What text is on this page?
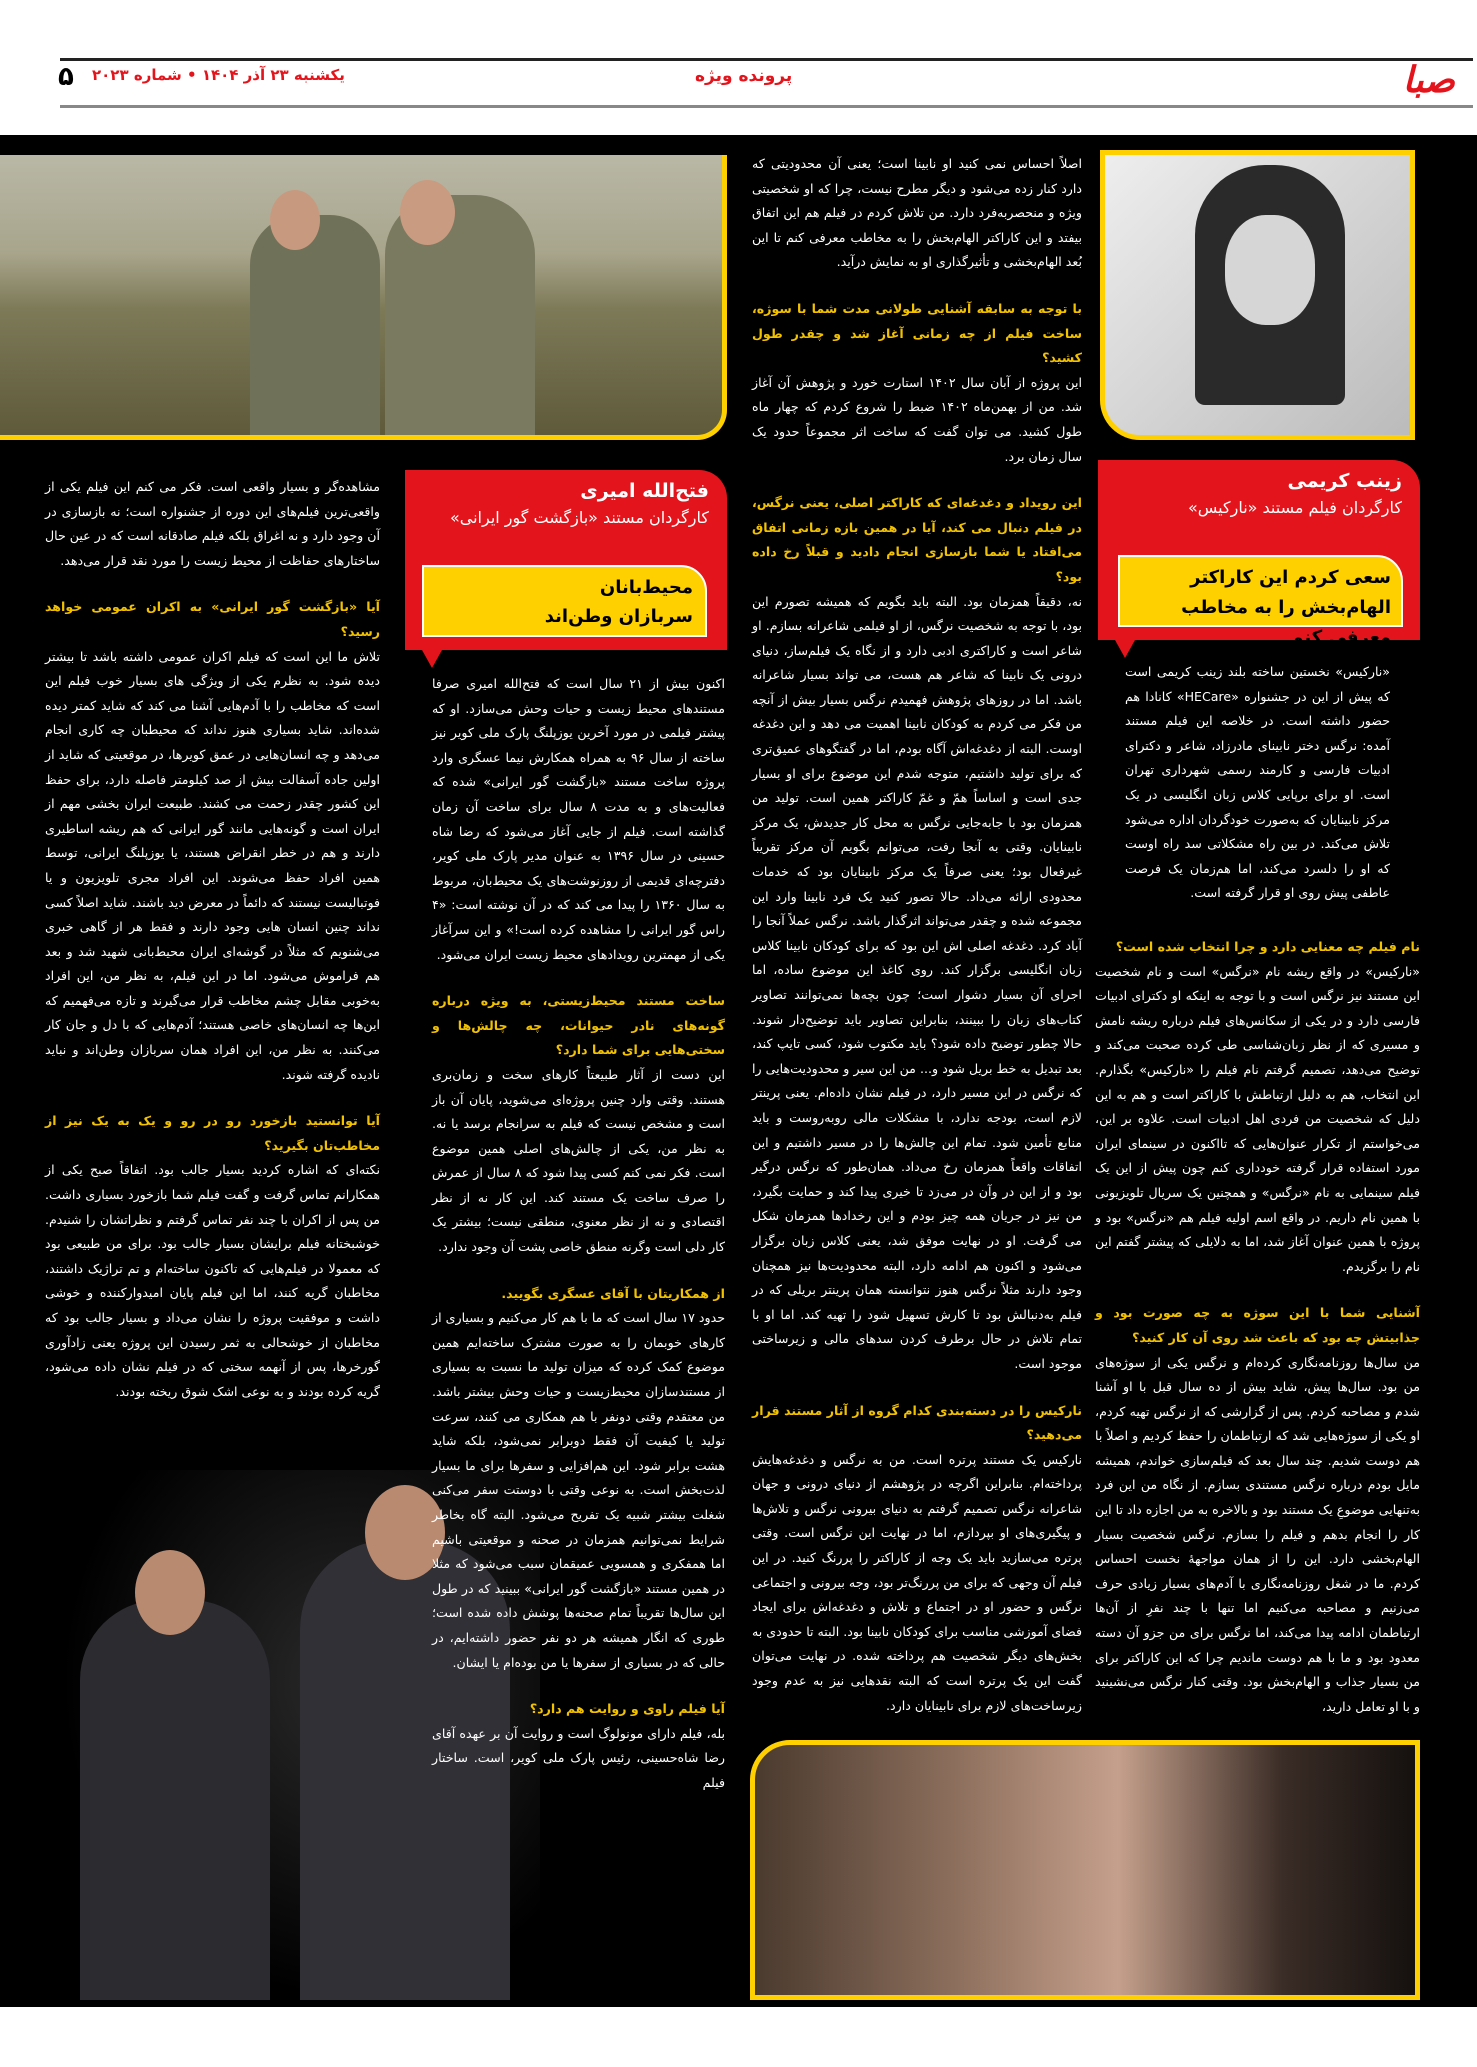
صبا
پرونده ویژه
یکشنبه ۲۳ آذر ۱۴۰۴ • شماره ۲۰۲۳
۵
زینب کریمی
کارگردان فیلم مستند «نارکیس»
سعی کردم این کاراکتر الهام‌بخش را به مخاطب معرفی کنم

«نارکیس» نخستین ساخته بلند زینب کریمی است که پیش از این در جشنواره «HECare» کانادا هم حضور داشته است. در خلاصه این فیلم مستند آمده: نرگس دختر نابینای مادرزاد، شاعر و دکترای ادبیات فارسی و کارمند رسمی شهرداری تهران است. او برای برپایی کلاس زبان انگلیسی در یک مرکز نابینایان که به‌صورت خودگردان اداره می‌شود تلاش می‌کند. در بین راه مشکلاتی سد راه اوست که او را دلسرد می‌کند، اما هم‌زمان یک فرصت عاطفی پیش روی او قرار گرفته است.

نام فیلم چه معنایی دارد و چرا انتخاب شده است؟
«نارکیس» در واقع ریشه نام «نرگس» است و نام شخصیت این مستند نیز نرگس است و با توجه به اینکه او دکترای ادبیات فارسی دارد و در یکی از سکانس‌های فیلم درباره ریشه نامش و مسیری که از نظر زبان‌شناسی طی کرده صحبت می‌کند و توضیح می‌دهد، تصمیم گرفتم نام فیلم را «نارکیس» بگذارم. این انتخاب، هم به دلیل ارتباطش با کاراکتر است و هم به این دلیل که شخصیت من فردی اهل ادبیات است. علاوه بر این، می‌خواستم از تکرار عنوان‌هایی که تااکنون در سینمای ایران مورد استفاده قرار گرفته خودداری کنم چون پیش از این یک فیلم سینمایی به نام «نرگس» و همچنین یک سریال تلویزیونی با همین نام داریم. در واقع اسم اولیه فیلم هم «نرگس» بود و پروژه با همین عنوان آغاز شد، اما به دلایلی که پیشتر گفتم این نام را برگزیدم.

آشنایی شما با این سوژه به چه صورت بود و جذابیتش چه بود که باعث شد روی آن کار کنید؟
من سال‌ها روزنامه‌نگاری کرده‌ام و نرگس یکی از سوژه‌های من بود. سال‌ها پیش، شاید بیش از ده سال قبل با او آشنا شدم و مصاحبه کردم. پس از گزارشی که از نرگس تهیه کردم، او یکی از سوژه‌هایی شد که ارتباطمان را حفظ کردیم و اصلاً با هم دوست شدیم. چند سال بعد که فیلم‌سازی خواندم، همیشه مایل بودم درباره نرگس مستندی بسازم. از نگاه من این فرد به‌تنهایی موضوعِ یک مستند بود و بالاخره به من اجازه داد تا این کار را انجام بدهم و فیلم را بسازم. نرگس شخصیت بسیار الهام‌بخشی دارد. این را از همان مواجههٔ نخست احساس کردم. ما در شغل روزنامه‌نگاری با آدم‌های بسیار زیادی حرف می‌زنیم و مصاحبه می‌کنیم اما تنها با چند نفرِ از آن‌ها ارتباطمان ادامه پیدا می‌کند، اما نرگس برای من جزو آن دسته معدود بود و ما با هم دوست ماندیم چرا که این کاراکتر برای من بسیار جذاب و الهام‌بخش بود. وقتی کنار نرگس می‌نشینید و با او تعامل دارید،

اصلاً احساس نمی کنید او نابینا است؛ یعنی آن محدودیتی که دارد کنار زده می‌شود و دیگر مطرح نیست، چرا که او شخصیتی ویژه و منحصربه‌فرد دارد. من تلاش کردم در فیلم هم این اتفاق بیفتد و این کاراکتر الهام‌بخش را به مخاطب معرفی کنم تا این بُعد الهام‌بخشی و تأثیرگذاری او به نمایش درآید.

با توجه به سابقه آشنایی طولانی مدت شما با سوژه، ساخت فیلم از چه زمانی آغاز شد و چقدر طول کشید؟
این پروژه از آبان سال ۱۴۰۲ استارت خورد و پژوهش آن آغاز شد. من از بهمن‌ماه ۱۴۰۲ ضبط را شروع کردم که چهار ماه طول کشید. می توان گفت که ساخت اثر مجموعاً حدود یک سال زمان برد.

این رویداد و دغدغه‌ای که کاراکتر اصلی، یعنی نرگس، در فیلم دنبال می کند، آیا در همین بازه زمانی اتفاق می‌افتاد یا شما بازسازی انجام دادید و قبلاً رخ داده بود؟
نه، دقیقاً همزمان بود. البته باید بگویم که همیشه تصورم این بود، با توجه به شخصیت نرگس، از او فیلمی شاعرانه بسازم. او شاعر است و کاراکتری ادبی دارد و از نگاه یک فیلم‌ساز، دنیای درونی یک نابینا که شاعر هم هست، می تواند بسیار شاعرانه باشد. اما در روزهای پژوهش فهمیدم نرگس بسیار بیش از آنچه من فکر می کردم به کودکان نابینا اهمیت می دهد و این دغدغه اوست. البته از دغدغه‌اش آگاه بودم، اما در گفتگوهای عمیق‌تری که برای تولید داشتیم، متوجه شدم این موضوع برای او بسیار جدی است و اساساً همّ و غمّ کاراکتر همین است. تولید من همزمان بود با جابه‌جایی نرگس به محل کار جدیدش، یک مرکز نابینایان. وقتی به آنجا رفت، می‌توانم بگویم آن مرکز تقریباً غیرفعال بود؛ یعنی صرفاً یک مرکز نابینایان بود که خدمات محدودی ارائه می‌داد. حالا تصور کنید یک فرد نابینا وارد این مجموعه شده و چقدر می‌تواند اثرگذار باشد. نرگس عملاً آنجا را آباد کرد. دغدغه اصلی اش این بود که برای کودکان نابینا کلاس زبان انگلیسی برگزار کند. روی کاغذ این موضوع ساده، اما اجرای آن بسیار دشوار است؛ چون بچه‌ها نمی‌توانند تصاویر کتاب‌های زبان را ببینند، بنابراین تصاویر باید توضیح‌دار شوند. حالا چطور توضیح داده شود؟ باید مکتوب شود، کسی تایپ کند، بعد تبدیل به خط بریل شود و... من این سیر و محدودیت‌هایی را که نرگس در این مسیر دارد، در فیلم نشان داده‌ام. یعنی پرینتر لازم است، بودجه ندارد، با مشکلات مالی روبه‌روست و باید منابع تأمین شود. تمام این چالش‌ها را در مسیر داشتیم و این اتفاقات واقعاً همزمان رخ می‌داد. همان‌طور که نرگس درگیر بود و از این در وآن در می‌زد تا خیری پیدا کند و حمایت بگیرد، من نیز در جریان همه چیز بودم و این رخدادها همزمان شکل می گرفت. او در نهایت موفق شد، یعنی کلاس زبان برگزار می‌شود و اکنون هم ادامه دارد، البته محدودیت‌ها نیز همچنان وجود دارند مثلاً نرگس هنوز نتوانسته همان پرینتر بریلی که در فیلم به‌دنبالش بود تا کارش تسهیل شود را تهیه کند. اما او با تمام تلاش در حال برطرف کردن سدهای مالی و زیرساختی موجود است.

نارکیس را در دسته‌بندی کدام گروه از آثار مستند قرار می‌دهید؟
نارکیس یک مستند پرتره است. من به نرگس و دغدغه‌هایش پرداخته‌ام. بنابراین اگرچه در پژوهشم از دنیای درونی و جهان شاعرانه نرگس تصمیم گرفتم به دنیای بیرونی نرگس و تلاش‌ها و پیگیری‌های او بپردازم، اما در نهایت این نرگس است. وقتی پرتره می‌سازید باید یک وجه از کاراکتر را پررنگ کنید. در این فیلم آن وجهی که برای من پررنگ‌تر بود، وجه بیرونی و اجتماعی نرگس و حضور او در اجتماع و تلاش و دغدغه‌اش برای ایجاد فضای آموزشی مناسب برای کودکان نابینا بود. البته تا حدودی به بخش‌های دیگر شخصیت هم پرداخته شده. در نهایت می‌توان گفت این یک پرتره است که البته نقدهایی نیز به عدم وجود زیرساخت‌های لازم برای نابینایان دارد.

فتح‌الله امیری
کارگردان مستند «بازگشت گور ایرانی»
محیط‌بانان
سربازان وطن‌اند

اکنون بیش از ۲۱ سال است که فتح‌الله امیری صرفا مستندهای محیط زیست و حیات وحش می‌سازد. او که پیشتر فیلمی در مورد آخرین یوزپلنگ پارک ملی کویر نیز ساخته از سال ۹۶ به همراه همکارش نیما عسگری وارد پروژه ساخت مستند «بازگشت گور ایرانی» شده که فعالیت‌های و به مدت ۸ سال برای ساخت آن زمان گذاشته است. فیلم از جایی آغاز می‌شود که رضا شاه حسینی در سال ۱۳۹۶ به عنوان مدیر پارک ملی کویر، دفترچه‌ای قدیمی از روزنوشت‌های یک محیط‌بان، مربوط به سال ۱۳۶۰ را پیدا می کند که در آن نوشته است: «۴ راس گور ایرانی را مشاهده کرده است!» و این سرآغاز یکی از مهمترین رویدادهای محیط زیست ایران می‌شود.

ساخت مستند محیط‌زیستی، به ویژه درباره گونه‌های نادر حیوانات، چه چالش‌ها و سختی‌هایی برای شما دارد؟
این دست از آثار طبیعتاً کارهای سخت و زمان‌بری هستند. وقتی وارد چنین پروژه‌ای می‌شوید، پایان آن باز است و مشخص نیست که فیلم به سرانجام برسد یا نه. به نظر من، یکی از چالش‌های اصلی همین موضوع است. فکر نمی کنم کسی پیدا شود که ۸ سال از عمرش را صرف ساخت یک مستند کند. این کار نه از نظر اقتصادی و نه از نظر معنوی، منطقی نیست؛ بیشتر یک کار دلی است وگرنه منطق خاصی پشت آن وجود ندارد.

از همکاریتان با آقای عسگری بگویید.
حدود ۱۷ سال است که ما با هم کار می‌کنیم و بسیاری از کارهای خوبمان را به صورت مشترک ساخته‌ایم همین موضوع کمک کرده که میزان تولید ما نسبت به بسیاری از مستندسازان محیط‌زیست و حیات وحش بیشتر باشد. من معتقدم وقتی دونفر با هم همکاری می کنند، سرعت تولید یا کیفیت آن فقط دوبرابر نمی‌شود، بلکه شاید هشت برابر شود. این هم‌افزایی و سفرها برای ما بسیار لذت‌بخش است. به نوعی وقتی با دوستت سفر می‌کنی شغلت بیشتر شبیه یک تفریح می‌شود. البته گاه بخاطر شرایط نمی‌توانیم همزمان در صحنه و موقعیتی باشیم اما همفکری و همسویی عمیقمان سبب می‌شود که مثلا در همین مستند «بازگشت گور ایرانی» ببینید که در طول این سال‌ها تقریباً تمام صحنه‌ها پوشش داده شده است؛ طوری که انگار همیشه هر دو نفر حضور داشته‌ایم، در حالی که در بسیاری از سفرها یا من بوده‌ام یا ایشان.

آیا فیلم راوی و روایت هم دارد؟
بله، فیلم دارای مونولوگ است و روایت آن بر عهده آقای رضا شاه‌حسینی، رئیس پارک ملی کویر، است. ساختار فیلم

مشاهده‌گر و بسیار واقعی است. فکر می کنم این فیلم یکی از واقعی‌ترین فیلم‌های این دوره از جشنواره است؛ نه بازسازی در آن وجود دارد و نه اغراق بلکه فیلم صادقانه است که در عین حال ساختارهای حفاظت از محیط زیست را مورد نقد قرار می‌دهد.

آیا «بازگشت گور ایرانی» به اکران عمومی خواهد رسید؟
تلاش ما این است که فیلم اکران عمومی داشته باشد تا بیشتر دیده شود. به نظرم یکی از ویژگی های بسیار خوب فیلم این است که مخاطب را با آدم‌هایی آشنا می کند که شاید کمتر دیده شده‌اند. شاید بسیاری هنوز نداند که محیطبان چه کاری انجام می‌دهد و چه انسان‌هایی در عمق کویرها، در موقعیتی که شاید از اولین جاده آسفالت بیش از صد کیلومتر فاصله دارد، برای حفظ این کشور چقدر زحمت می کشند. طبیعت ایران بخشی مهم از ایران است و گونه‌هایی مانند گور ایرانی که هم ریشه اساطیری دارند و هم در خطر انقراض هستند، یا یوزپلنگ ایرانی، توسط همین افراد حفظ می‌شوند. این افراد مجری تلویزیون و یا فوتبالیست نیستند که دائماً در معرض دید باشند. شاید اصلاً کسی نداند چنین انسان هایی وجود دارند و فقط هر از گاهی خبری می‌شنویم که مثلاً در گوشه‌ای ایران محیط‌بانی شهید شد و بعد هم فراموش می‌شود. اما در این فیلم، به نظر من، این افراد به‌خوبی مقابل چشم مخاطب قرار می‌گیرند و تازه می‌فهمیم که این‌ها چه انسان‌های خاصی هستند؛ آدم‌هایی که با دل و جان کار می‌کنند. به نظر من، این افراد همان سربازان وطن‌اند و نباید نادیده گرفته شوند.

آیا توانستید بازخورد رو در رو و یک به یک نیز از مخاطب‌تان بگیرید؟
نکته‌ای که اشاره کردید بسیار جالب بود. اتفاقاً صبح یکی از همکارانم تماس گرفت و گفت فیلم شما بازخورد بسیاری داشت. من پس از اکران با چند نفر تماس گرفتم و نظراتشان را شنیدم. خوشبختانه فیلم برایشان بسیار جالب بود. برای من طبیعی بود که معمولا در فیلم‌هایی که تاکنون ساخته‌ام و تم تراژیک داشتند، مخاطبان گریه کنند، اما این فیلم پایان امیدوارکننده و خوشی داشت و موفقیت پروژه را نشان می‌داد و بسیار جالب بود که مخاطبان از خوشحالی به ثمر رسیدن این پروژه یعنی زادآوری گورخرها، پس از آنهمه سختی که در فیلم نشان داده می‌شود، گریه کرده بودند و به نوعی اشک شوق ریخته بودند.
